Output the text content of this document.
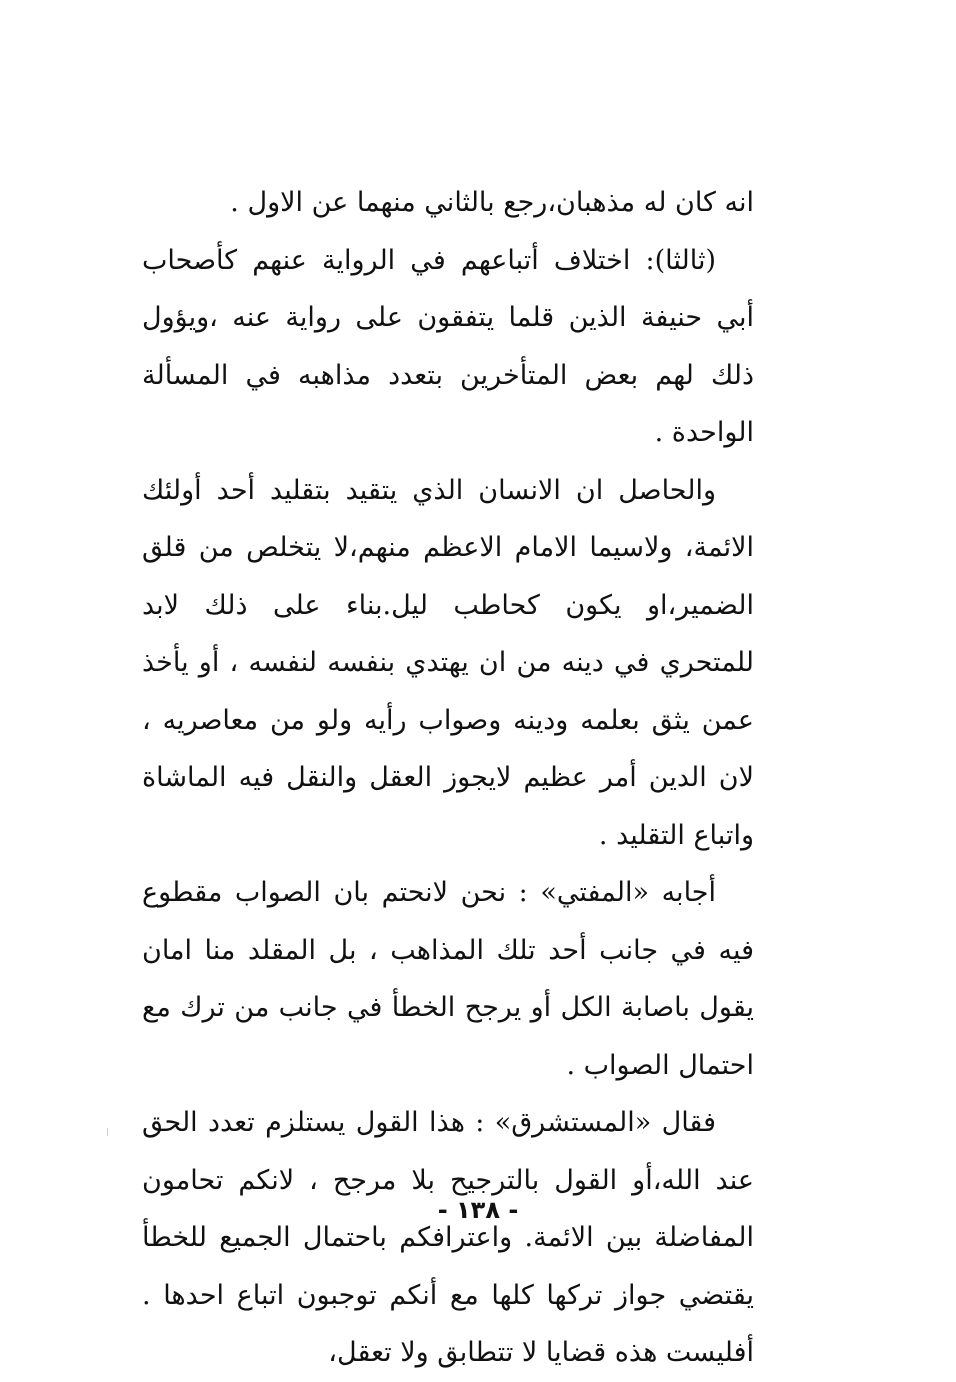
انه كان له مذهبان،رجع بالثاني منهما عن الاول .

(ثالثا): اختلاف أتباعهم في الرواية عنهم كأصحاب أبي حنيفة الذين قلما يتفقون على رواية عنه ،ويؤول ذلك لهم بعض المتأخرين بتعدد مذاهبه في المسألة الواحدة .

والحاصل ان الانسان الذي يتقيد بتقليد أحد أولئك الائمة، ولاسيما الامام الاعظم منهم،لا يتخلص من قلق الضمير،او يكون كحاطب ليل.بناء على ذلك لابد للمتحري في دينه من ان يهتدي بنفسه لنفسه ، أو يأخذ عمن يثق بعلمه ودينه وصواب رأيه ولو من معاصريه ، لان الدين أمر عظيم لايجوز العقل والنقل فيه الماشاة واتباع التقليد .

أجابه «المفتي» : نحن لانحتم بان الصواب مقطوع فيه في جانب أحد تلك المذاهب ، بل المقلد منا امان يقول باصابة الكل أو يرجح الخطأ في جانب من ترك مع احتمال الصواب .

فقال «المستشرق» : هذا القول يستلزم تعدد الحق عند الله،أو القول بالترجيح بلا مرجح ، لانكم تحامون المفاضلة بين الائمة. واعترافكم باحتمال الجميع للخطأ يقتضي جواز تركها كلها مع أنكم توجبون اتباع احدها . أفليست هذه قضايا لا تتطابق ولا تعقل،

- ١٣٨ -
